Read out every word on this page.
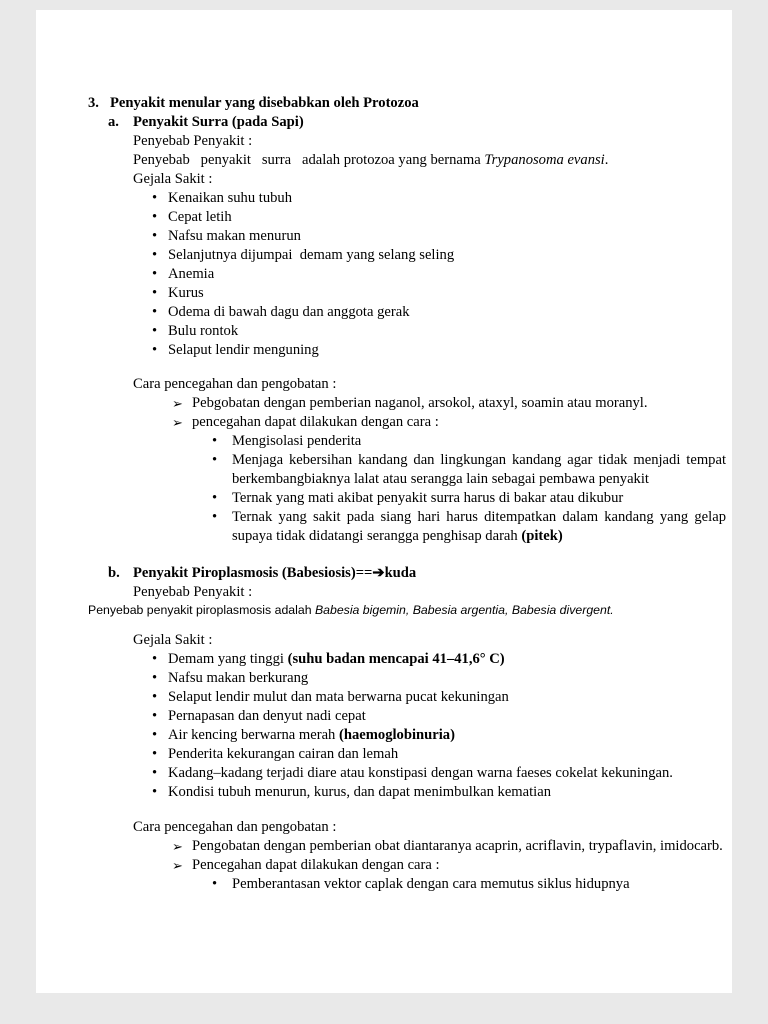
3. Penyakit menular yang disebabkan oleh Protozoa
a. Penyakit Surra (pada Sapi)
Penyebab Penyakit :
Penyebab   penyakit   surra   adalah protozoa yang bernama Trypanosoma evansi.
Gejala Sakit :
• Kenaikan suhu tubuh
• Cepat letih
• Nafsu makan menurun
• Selanjutnya dijumpai  demam yang selang seling
• Anemia
• Kurus
• Odema di bawah dagu dan anggota gerak
• Bulu rontok
• Selaput lendir menguning
Cara pencegahan dan pengobatan :
➢ Pebgobatan dengan pemberian naganol, arsokol, ataxyl, soamin atau moranyl.
➢ pencegahan dapat dilakukan dengan cara :
•	Mengisolasi penderita
•	Menjaga kebersihan kandang dan lingkungan kandang agar tidak menjadi tempat berkembangbiaknya lalat atau serangga lain sebagai pembawa penyakit
•	Ternak yang mati akibat penyakit surra harus di bakar atau dikubur
•	Ternak yang sakit pada siang hari harus ditempatkan dalam kandang yang gelap supaya tidak didatangi serangga penghisap darah (pitek)
b. Penyakit Piroplasmosis (Babesiosis)==➔kuda
Penyebab Penyakit :
Penyebab penyakit piroplasmosis adalah Babesia bigemin, Babesia argentia, Babesia divergent.
Gejala Sakit :
• Demam yang tinggi (suhu badan mencapai 41–41,6° C)
• Nafsu makan berkurang
• Selaput lendir mulut dan mata berwarna pucat kekuningan
• Pernapasan dan denyut nadi cepat
• Air kencing berwarna merah (haemoglobinuria)
• Penderita kekurangan cairan dan lemah
• Kadang–kadang terjadi diare atau konstipasi dengan warna faeses cokelat kekuningan.
• Kondisi tubuh menurun, kurus, dan dapat menimbulkan kematian
Cara pencegahan dan pengobatan :
➢ Pengobatan dengan pemberian obat diantaranya acaprin, acriflavin, trypaflavin, imidocarb.
➢ Pencegahan dapat dilakukan dengan cara :
•	Pemberantasan vektor caplak dengan cara memutus siklus hidupnya
